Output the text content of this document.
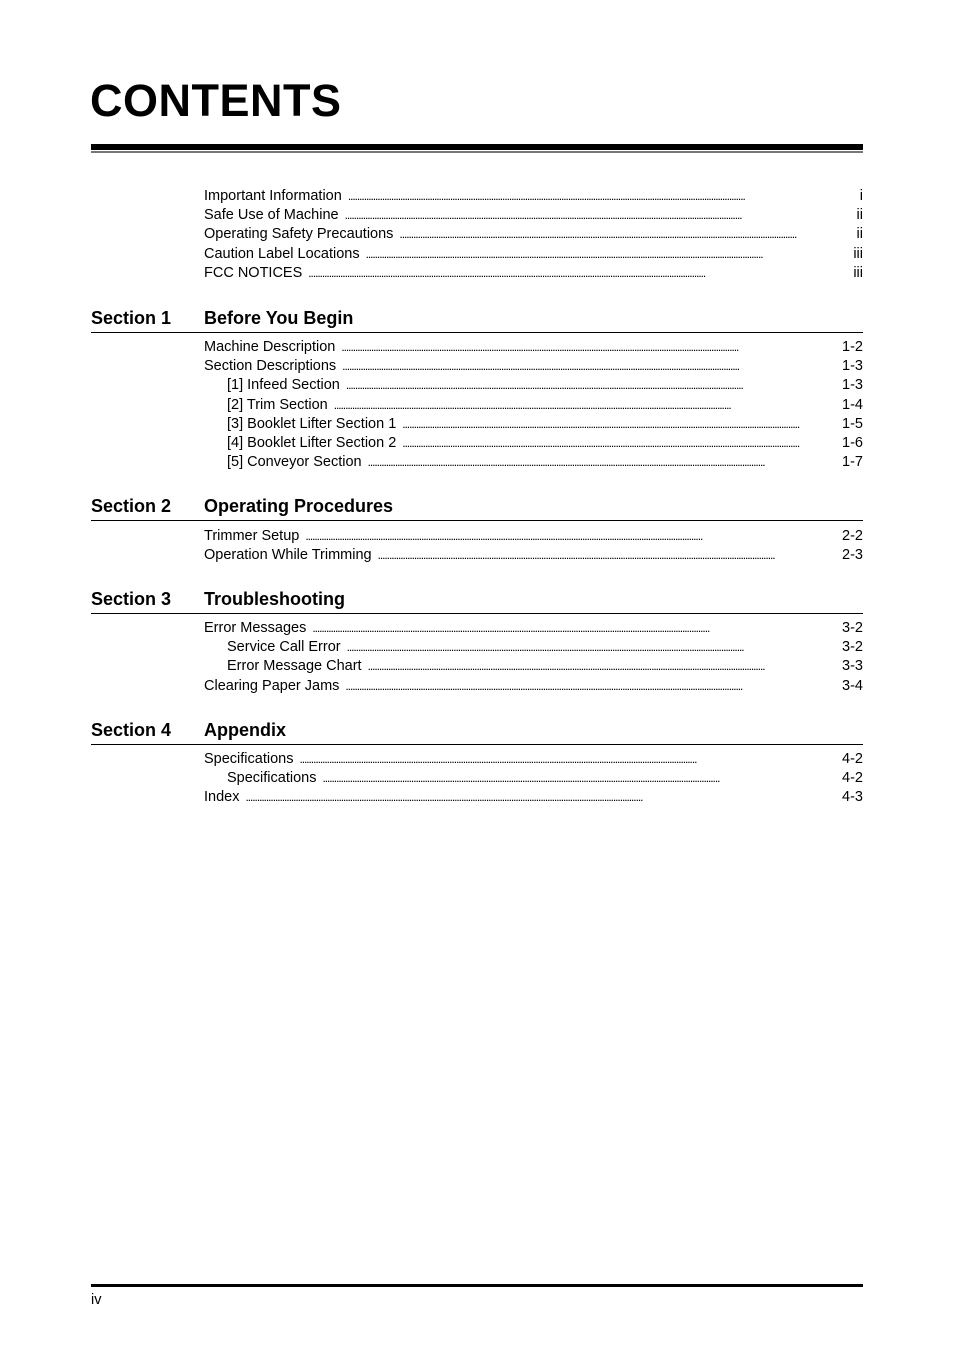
CONTENTS
Important Information . . .	i
Safe Use of Machine . . .	ii
Operating Safety Precautions . . .	ii
Caution Label Locations . . .	iii
FCC NOTICES . . .	iii
Section 1 Before You Begin
Machine Description . . .	1-2
Section Descriptions . . .	1-3
[1] Infeed Section . . .	1-3
[2] Trim Section . . .	1-4
[3] Booklet Lifter Section 1 . . .	1-5
[4] Booklet Lifter Section 2 . . .	1-6
[5] Conveyor Section . . .	1-7
Section 2 Operating Procedures
Trimmer Setup . . .	2-2
Operation While Trimming . . .	2-3
Section 3 Troubleshooting
Error Messages . . .	3-2
Service Call Error . . .	3-2
Error Message Chart . . .	3-3
Clearing Paper Jams . . .	3-4
Section 4 Appendix
Specifications . . .	4-2
Specifications . . .	4-2
Index . . .	4-3
iv
